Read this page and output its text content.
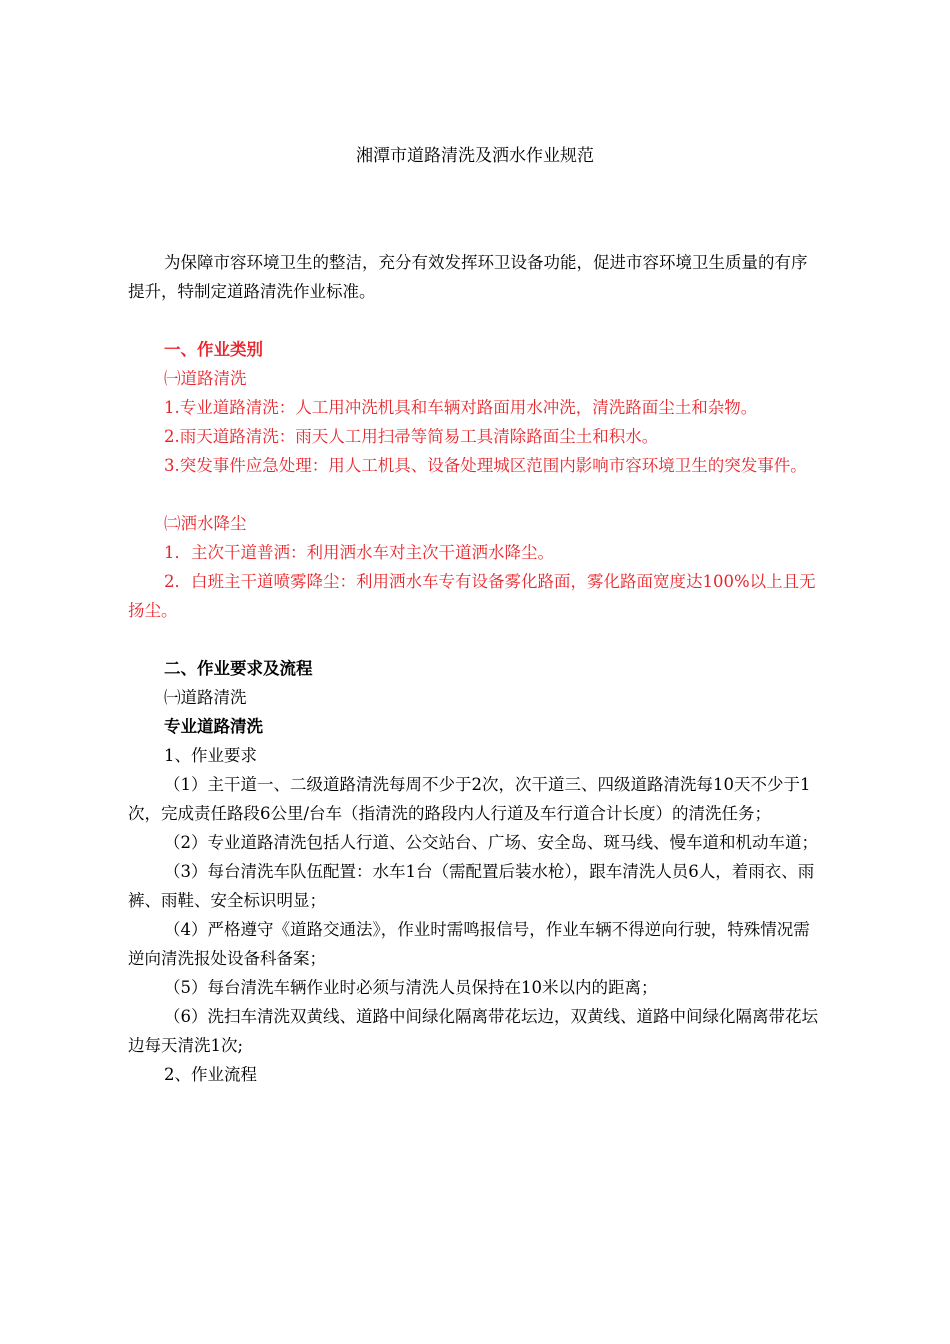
湘潭市道路清洗及洒水作业规范

为保障市容环境卫生的整洁，充分有效发挥环卫设备功能，促进市容环境卫生质量的有序提升，特制定道路清洗作业标准。

一、作业类别

㈠道路清洗

1.专业道路清洗：人工用冲洗机具和车辆对路面用水冲洗，清洗路面尘土和杂物。

2.雨天道路清洗：雨天人工用扫帚等简易工具清除路面尘土和积水。

3.突发事件应急处理：用人工机具、设备处理城区范围内影响市容环境卫生的突发事件。

㈡洒水降尘

1．主次干道普洒：利用洒水车对主次干道洒水降尘。

2．白班主干道喷雾降尘：利用洒水车专有设备雾化路面，雾化路面宽度达100%以上且无扬尘。

二、作业要求及流程

㈠道路清洗

专业道路清洗

1、作业要求

（1）主干道一、二级道路清洗每周不少于2次，次干道三、四级道路清洗每10天不少于1次，完成责任路段6公里/台车（指清洗的路段内人行道及车行道合计长度）的清洗任务；

（2）专业道路清洗包括人行道、公交站台、广场、安全岛、斑马线、慢车道和机动车道；

（3）每台清洗车队伍配置：水车1台（需配置后装水枪），跟车清洗人员6人，着雨衣、雨裤、雨鞋、安全标识明显；

（4）严格遵守《道路交通法》，作业时需鸣报信号，作业车辆不得逆向行驶，特殊情况需逆向清洗报处设备科备案；

（5）每台清洗车辆作业时必须与清洗人员保持在10米以内的距离；

（6）洗扫车清洗双黄线、道路中间绿化隔离带花坛边，双黄线、道路中间绿化隔离带花坛边每天清洗1次;

2、作业流程
